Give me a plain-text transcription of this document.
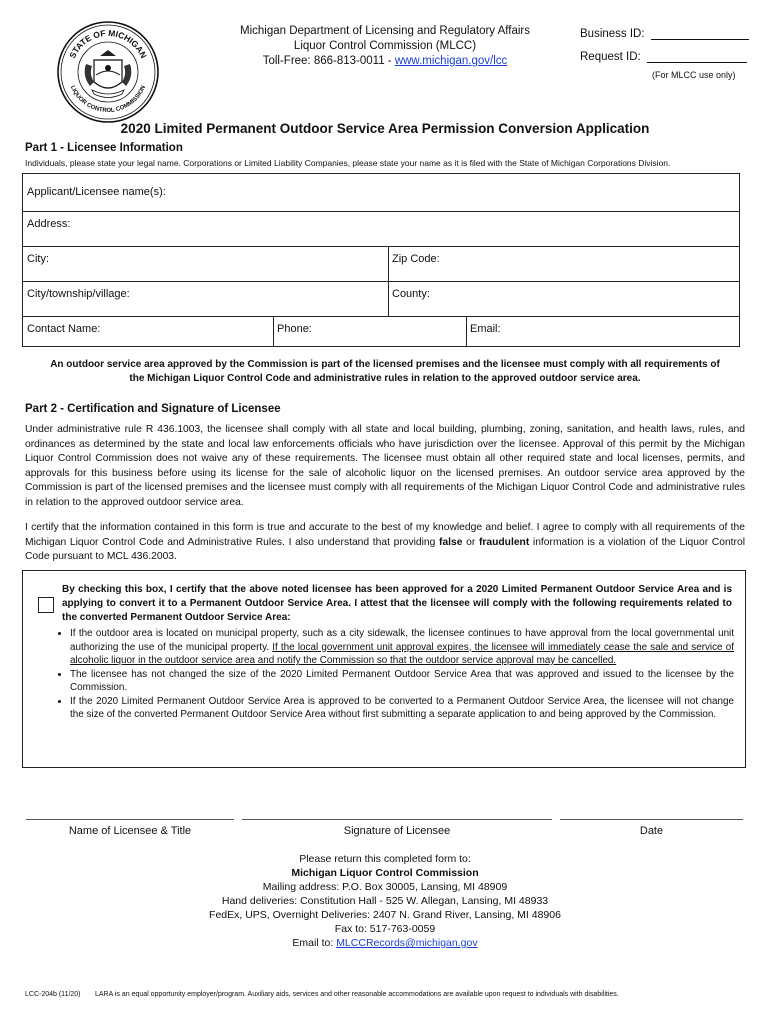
STATE OF MICHIGAN
LIQUOR CONTROL COMMISSION
Michigan Department of Licensing and Regulatory Affairs
Liquor Control Commission (MLCC)
Toll-Free: 866-813-0011 - www.michigan.gov/lcc
Business ID:
Request ID:
(For MLCC use only)
2020 Limited Permanent Outdoor Service Area Permission Conversion Application
Part 1 - Licensee Information
Individuals, please state your legal name. Corporations or Limited Liability Companies, please state your name as it is filed with the State of Michigan Corporations Division.
Applicant/Licensee name(s):
Address:
City:	Zip Code:
City/township/village:	County:
Contact Name:	Phone:	Email:
An outdoor service area approved by the Commission is part of the licensed premises and the licensee must comply with all requirements of
the Michigan Liquor Control Code and administrative rules in relation to the approved outdoor service area.
Part 2 - Certification and Signature of Licensee
Under administrative rule R 436.1003, the licensee shall comply with all state and local building, plumbing, zoning, sanitation, and health laws, rules, and ordinances as determined by the state and local law enforcements officials who have jurisdiction over the licensee. Approval of this permit by the Michigan Liquor Control Commission does not waive any of these requirements. The licensee must obtain all other required state and local licenses, permits, and approvals for this business before using its license for the sale of alcoholic liquor on the licensed premises. An outdoor service area approved by the Commission is part of the licensed premises and the licensee must comply with all requirements of the Michigan Liquor Control Code and administrative rules in relation to the approved outdoor service area.
I certify that the information contained in this form is true and accurate to the best of my knowledge and belief. I agree to comply with all requirements of the Michigan Liquor Control Code and Administrative Rules. I also understand that providing false or fraudulent information is a violation of the Liquor Control Code pursuant to MCL 436.2003.
By checking this box, I certify that the above noted licensee has been approved for a 2020 Limited Permanent Outdoor Service Area and is applying to convert it to a Permanent Outdoor Service Area. I attest that the licensee will comply with the following requirements related to the converted Permanent Outdoor Service Area:
• If the outdoor area is located on municipal property, such as a city sidewalk, the licensee continues to have approval from the local governmental unit authorizing the use of the municipal property. If the local government unit approval expires, the licensee will immediately cease the sale and service of alcoholic liquor in the outdoor service area and notify the Commission so that the outdoor service approval may be cancelled.
• The licensee has not changed the size of the 2020 Limited Permanent Outdoor Service Area that was approved and issued to the licensee by the Commission.
• If the 2020 Limited Permanent Outdoor Service Area is approved to be converted to a Permanent Outdoor Service Area, the licensee will not change the size of the converted Permanent Outdoor Service Area without first submitting a separate application to and being approved by the Commission.
Name of Licensee & Title	Signature of Licensee	Date
Please return this completed form to:
Michigan Liquor Control Commission
Mailing address: P.O. Box 30005, Lansing, MI 48909
Hand deliveries: Constitution Hall - 525 W. Allegan, Lansing, MI 48933
FedEx, UPS, Overnight Deliveries: 2407 N. Grand River, Lansing, MI 48906
Fax to: 517-763-0059
Email to: MLCCRecords@michigan.gov
LCC-204b (11/20) LARA is an equal opportunity employer/program. Auxiliary aids, services and other reasonable accommodations are available upon request to individuals with disabilities.
